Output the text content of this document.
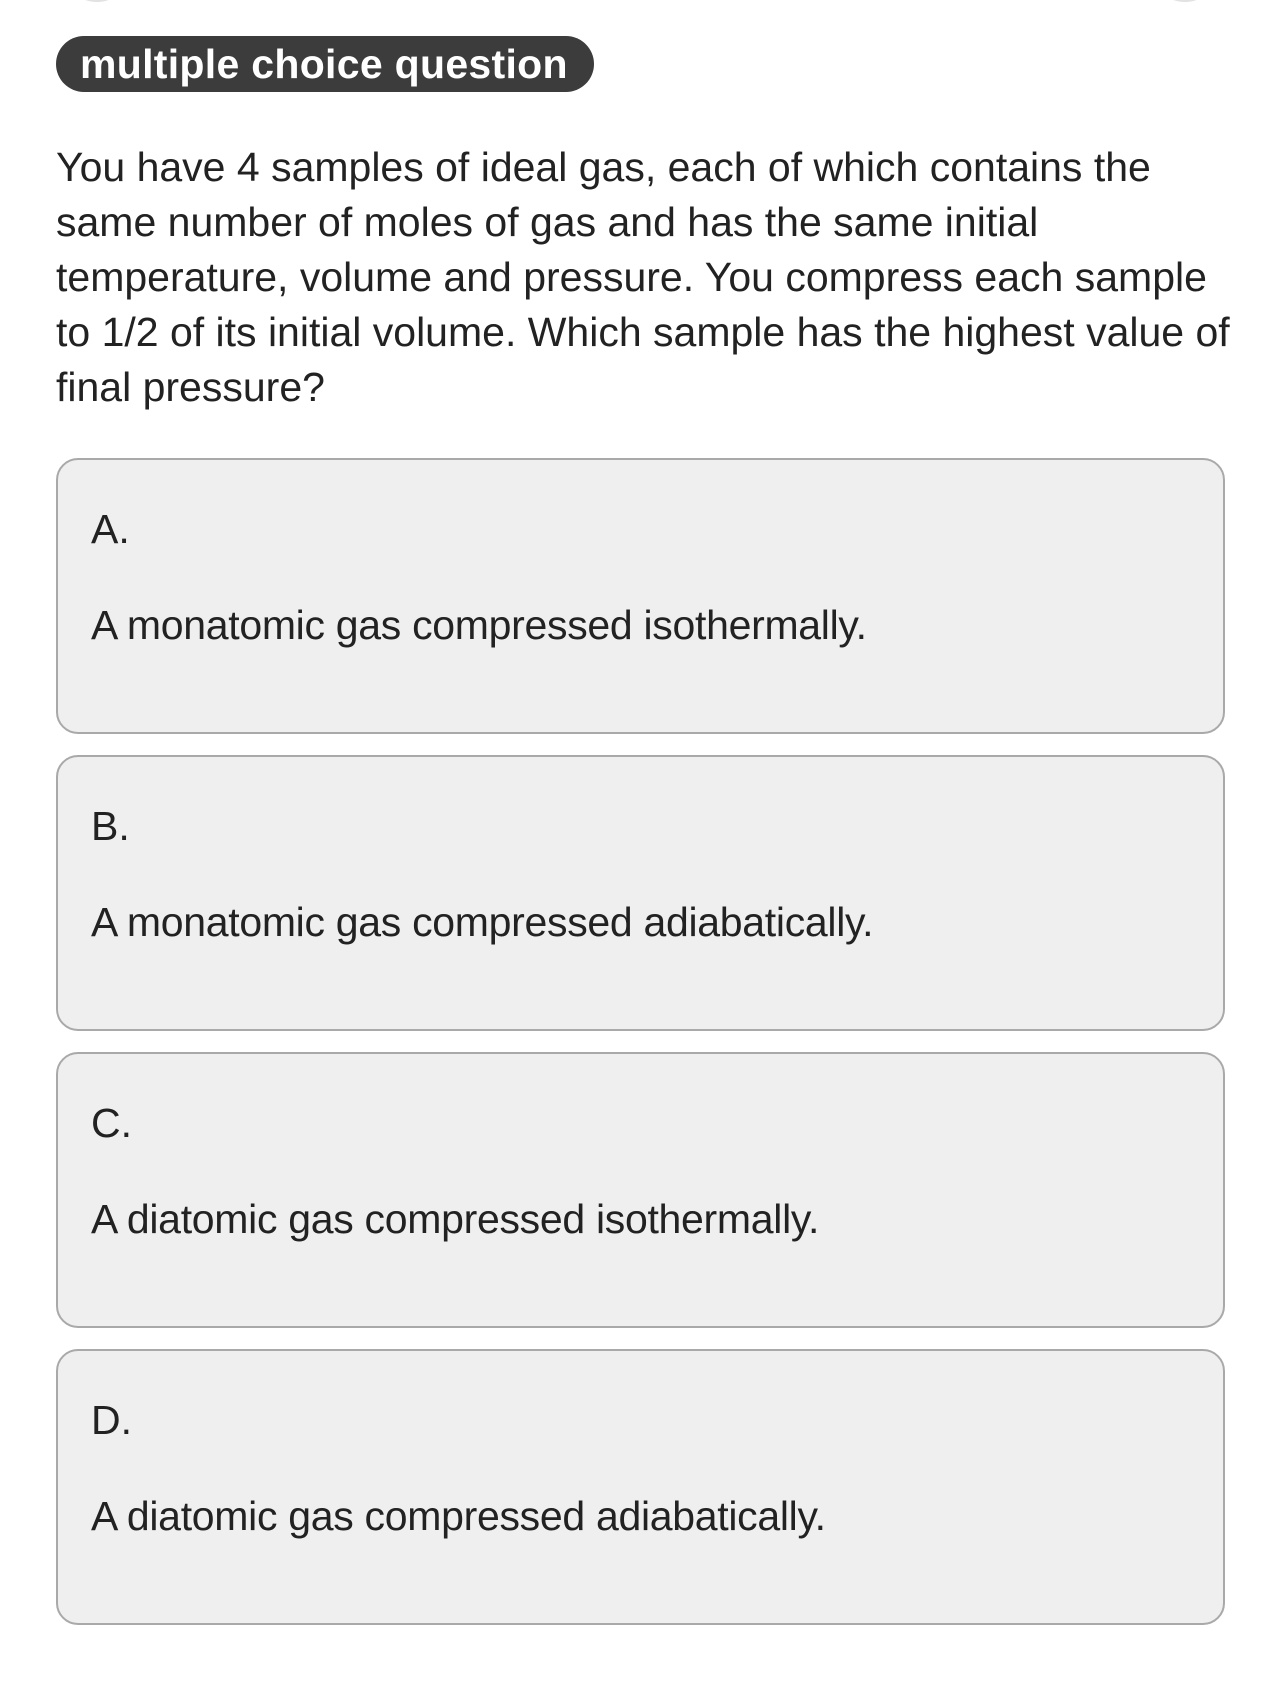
multiple choice question
You have 4 samples of ideal gas, each of which contains the same number of moles of gas and has the same initial temperature, volume and pressure. You compress each sample to 1/2 of its initial volume. Which sample has the highest value of final pressure?
A.
A monatomic gas compressed isothermally.
B.
A monatomic gas compressed adiabatically.
C.
A diatomic gas compressed isothermally.
D.
A diatomic gas compressed adiabatically.
